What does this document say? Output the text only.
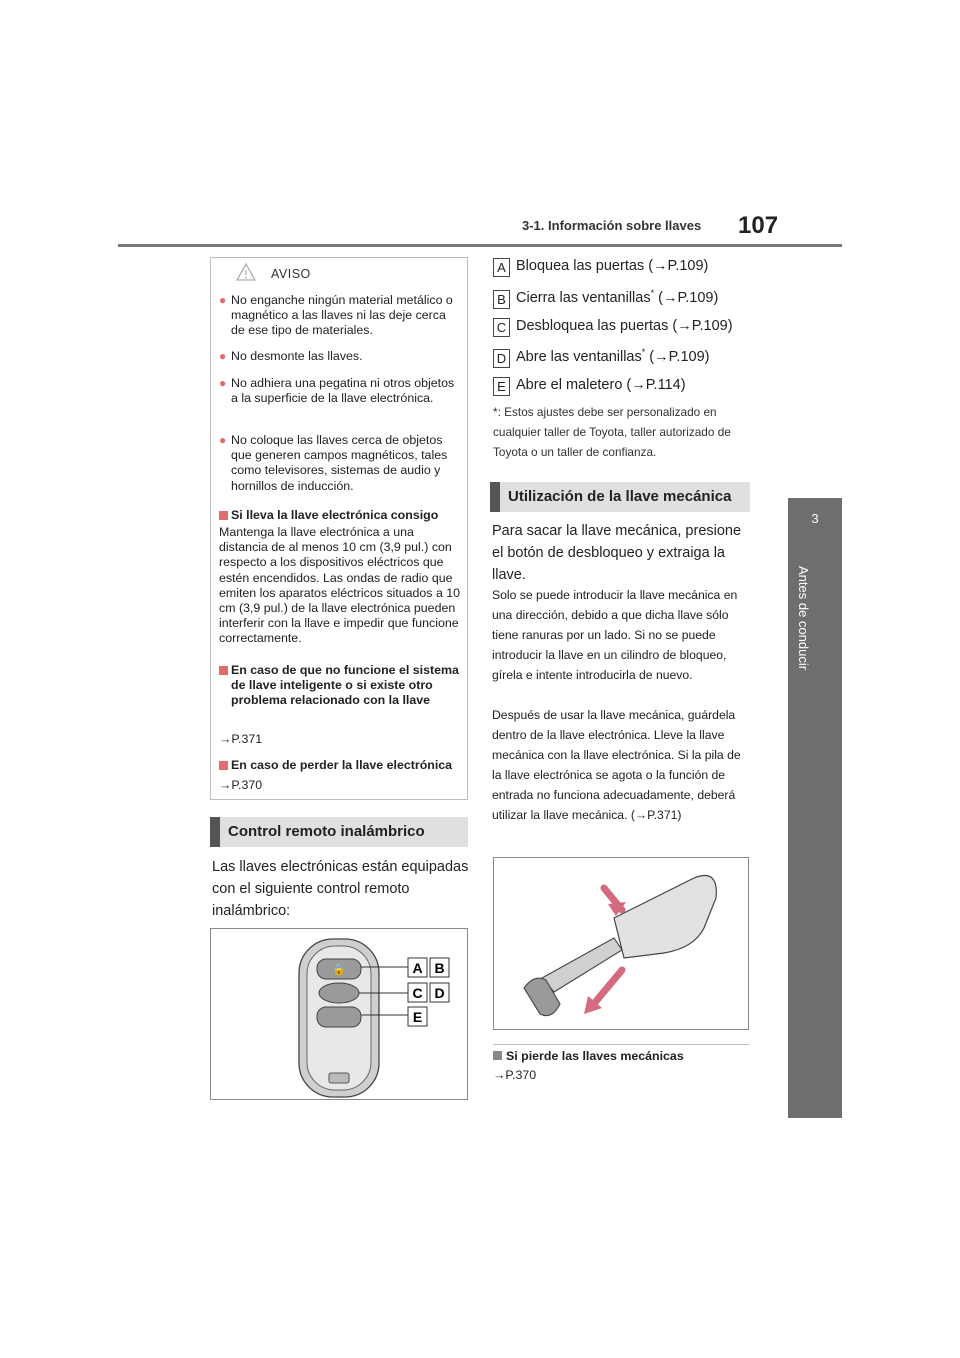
3-1. Información sobre llaves 107
3
Antes de conducir
AVISO
● No enganche ningún material metálico o magnético a las llaves ni las deje cerca de ese tipo de materiales.
● No desmonte las llaves.
● No adhiera una pegatina ni otros objetos a la superficie de la llave electrónica.
● No coloque las llaves cerca de objetos que generen campos magnéticos, tales como televisores, sistemas de audio y hornillos de inducción.
Si lleva la llave electrónica consigo
Mantenga la llave electrónica a una distancia de al menos 10 cm (3,9 pul.) con respecto a los dispositivos eléctricos que estén encendidos. Las ondas de radio que emiten los aparatos eléctricos situados a 10 cm (3,9 pul.) de la llave electrónica pueden interferir con la llave e impedir que funcione correctamente.
En caso de que no funcione el sistema de llave inteligente o si existe otro problema relacionado con la llave
→P.371
En caso de perder la llave electrónica
→P.370
Control remoto inalámbrico
Las llaves electrónicas están equipadas con el siguiente control remoto inalámbrico:
🔒	A B
C D
E
A Bloquea las puertas (→P.109)
B Cierra las ventanillas* (→P.109)
C Desbloquea las puertas (→P.109)
D Abre las ventanillas* (→P.109)
E Abre el maletero (→P.114)
*: Estos ajustes debe ser personalizado en cualquier taller de Toyota, taller autorizado de Toyota o un taller de confianza.
Utilización de la llave mecánica
Para sacar la llave mecánica, presione el botón de desbloqueo y extraiga la llave.
Solo se puede introducir la llave mecánica en una dirección, debido a que dicha llave sólo tiene ranuras por un lado. Si no se puede introducir la llave en un cilindro de bloqueo, gírela e intente introducirla de nuevo.
Después de usar la llave mecánica, guárdela dentro de la llave electrónica. Lleve la llave mecánica con la llave electrónica. Si la pila de la llave electrónica se agota o la función de entrada no funciona adecuadamente, deberá utilizar la llave mecánica. (→P.371)
Si pierde las llaves mecánicas
→P.370
